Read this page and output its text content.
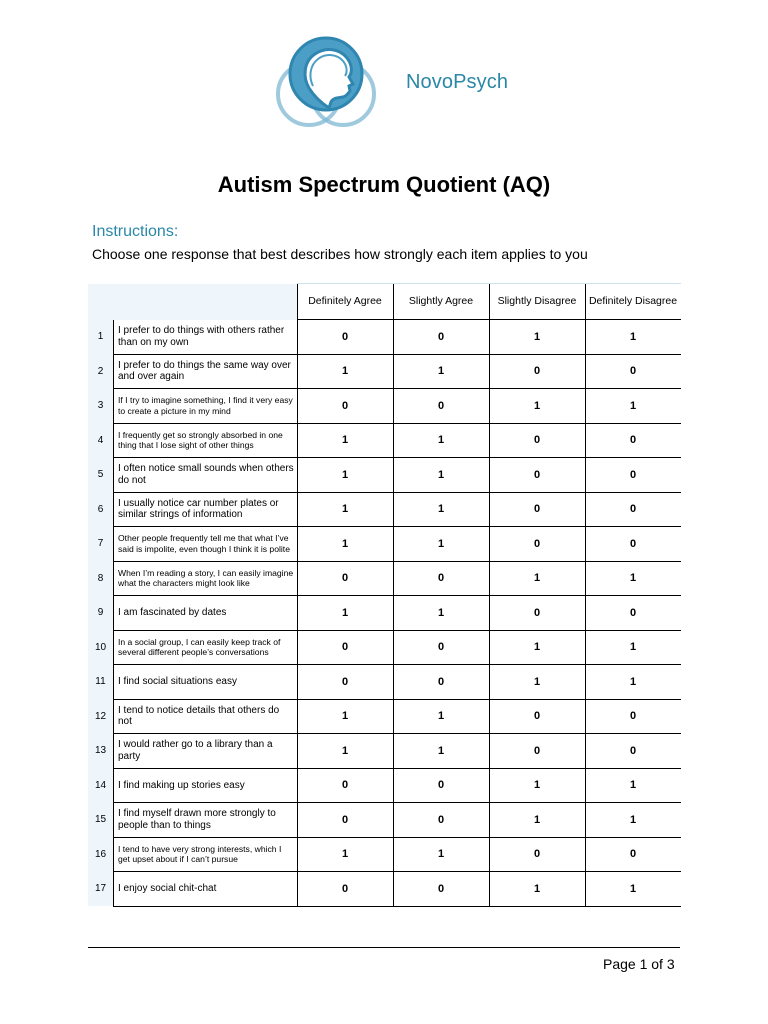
NovoPsych
Autism Spectrum Quotient (AQ)
Instructions:
Choose one response that best describes how strongly each item applies to you
		Definitely Agree	Slightly Agree	Slightly Disagree	Definitely Disagree
1	I prefer to do things with others rather than on my own	0	0	1	1
2	I prefer to do things the same way over and over again	1	1	0	0
3	If I try to imagine something, I find it very easy to create a picture in my mind	0	0	1	1
4	I frequently get so strongly absorbed in one thing that I lose sight of other things	1	1	0	0
5	I often notice small sounds when others do not	1	1	0	0
6	I usually notice car number plates or similar strings of information	1	1	0	0
7	Other people frequently tell me that what I’ve said is impolite, even though I think it is polite	1	1	0	0
8	When I’m reading a story, I can easily imagine what the characters might look like	0	0	1	1
9	I am fascinated by dates	1	1	0	0
10	In a social group, I can easily keep track of several different people’s conversations	0	0	1	1
11	I find social situations easy	0	0	1	1
12	I tend to notice details that others do not	1	1	0	0
13	I would rather go to a library than a party	1	1	0	0
14	I find making up stories easy	0	0	1	1
15	I find myself drawn more strongly to people than to things	0	0	1	1
16	I tend to have very strong interests, which I get upset about if I can’t pursue	1	1	0	0
17	I enjoy social chit-chat	0	0	1	1
Page 1 of 3
